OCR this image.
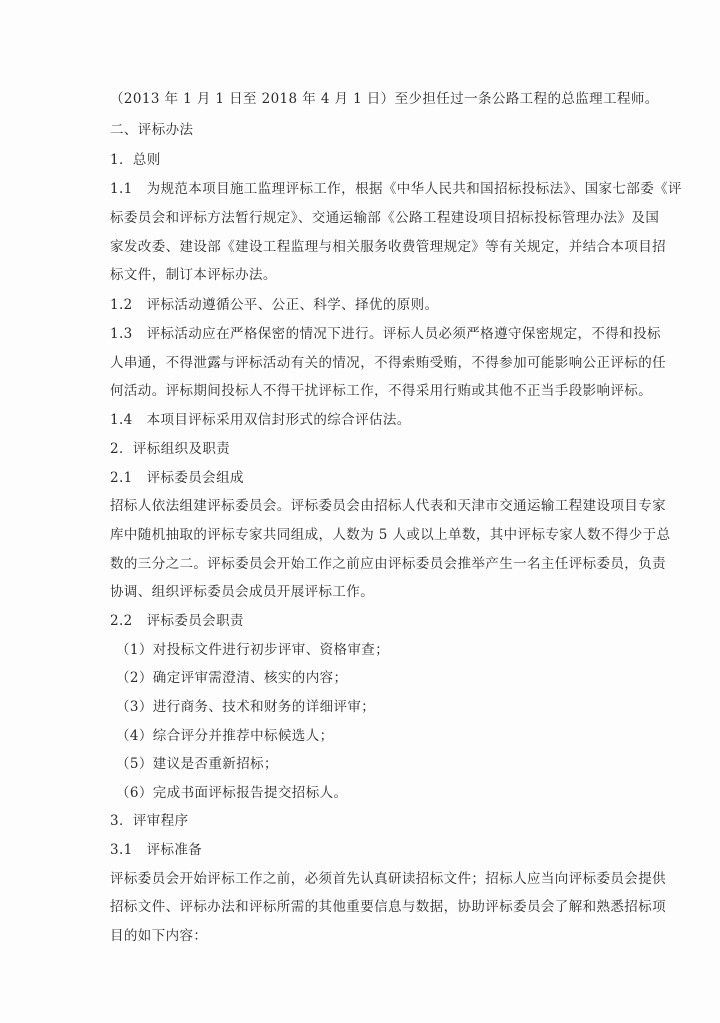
（2013 年 1 月 1 日至 2018 年 4 月 1 日）至少担任过一条公路工程的总监理工程师。
二、评标办法
1．总则
1.1　为规范本项目施工监理评标工作，根据《中华人民共和国招标投标法》、国家七部委《评
标委员会和评标方法暂行规定》、交通运输部《公路工程建设项目招标投标管理办法》及国
家发改委、建设部《建设工程监理与相关服务收费管理规定》等有关规定，并结合本项目招
标文件，制订本评标办法。
1.2　评标活动遵循公平、公正、科学、择优的原则。
1.3　评标活动应在严格保密的情况下进行。评标人员必须严格遵守保密规定，不得和投标
人串通，不得泄露与评标活动有关的情况，不得索贿受贿，不得参加可能影响公正评标的任
何活动。评标期间投标人不得干扰评标工作，不得采用行贿或其他不正当手段影响评标。
1.4　本项目评标采用双信封形式的综合评估法。
2．评标组织及职责
2.1　评标委员会组成
招标人依法组建评标委员会。评标委员会由招标人代表和天津市交通运输工程建设项目专家
库中随机抽取的评标专家共同组成，人数为 5 人或以上单数，其中评标专家人数不得少于总
数的三分之二。评标委员会开始工作之前应由评标委员会推举产生一名主任评标委员，负责
协调、组织评标委员会成员开展评标工作。
2.2　评标委员会职责
（1）对投标文件进行初步评审、资格审查；
（2）确定评审需澄清、核实的内容；
（3）进行商务、技术和财务的详细评审；
（4）综合评分并推荐中标候选人；
（5）建议是否重新招标；
（6）完成书面评标报告提交招标人。
3．评审程序
3.1　评标准备
评标委员会开始评标工作之前，必须首先认真研读招标文件；招标人应当向评标委员会提供
招标文件、评标办法和评标所需的其他重要信息与数据，协助评标委员会了解和熟悉招标项
目的如下内容：
